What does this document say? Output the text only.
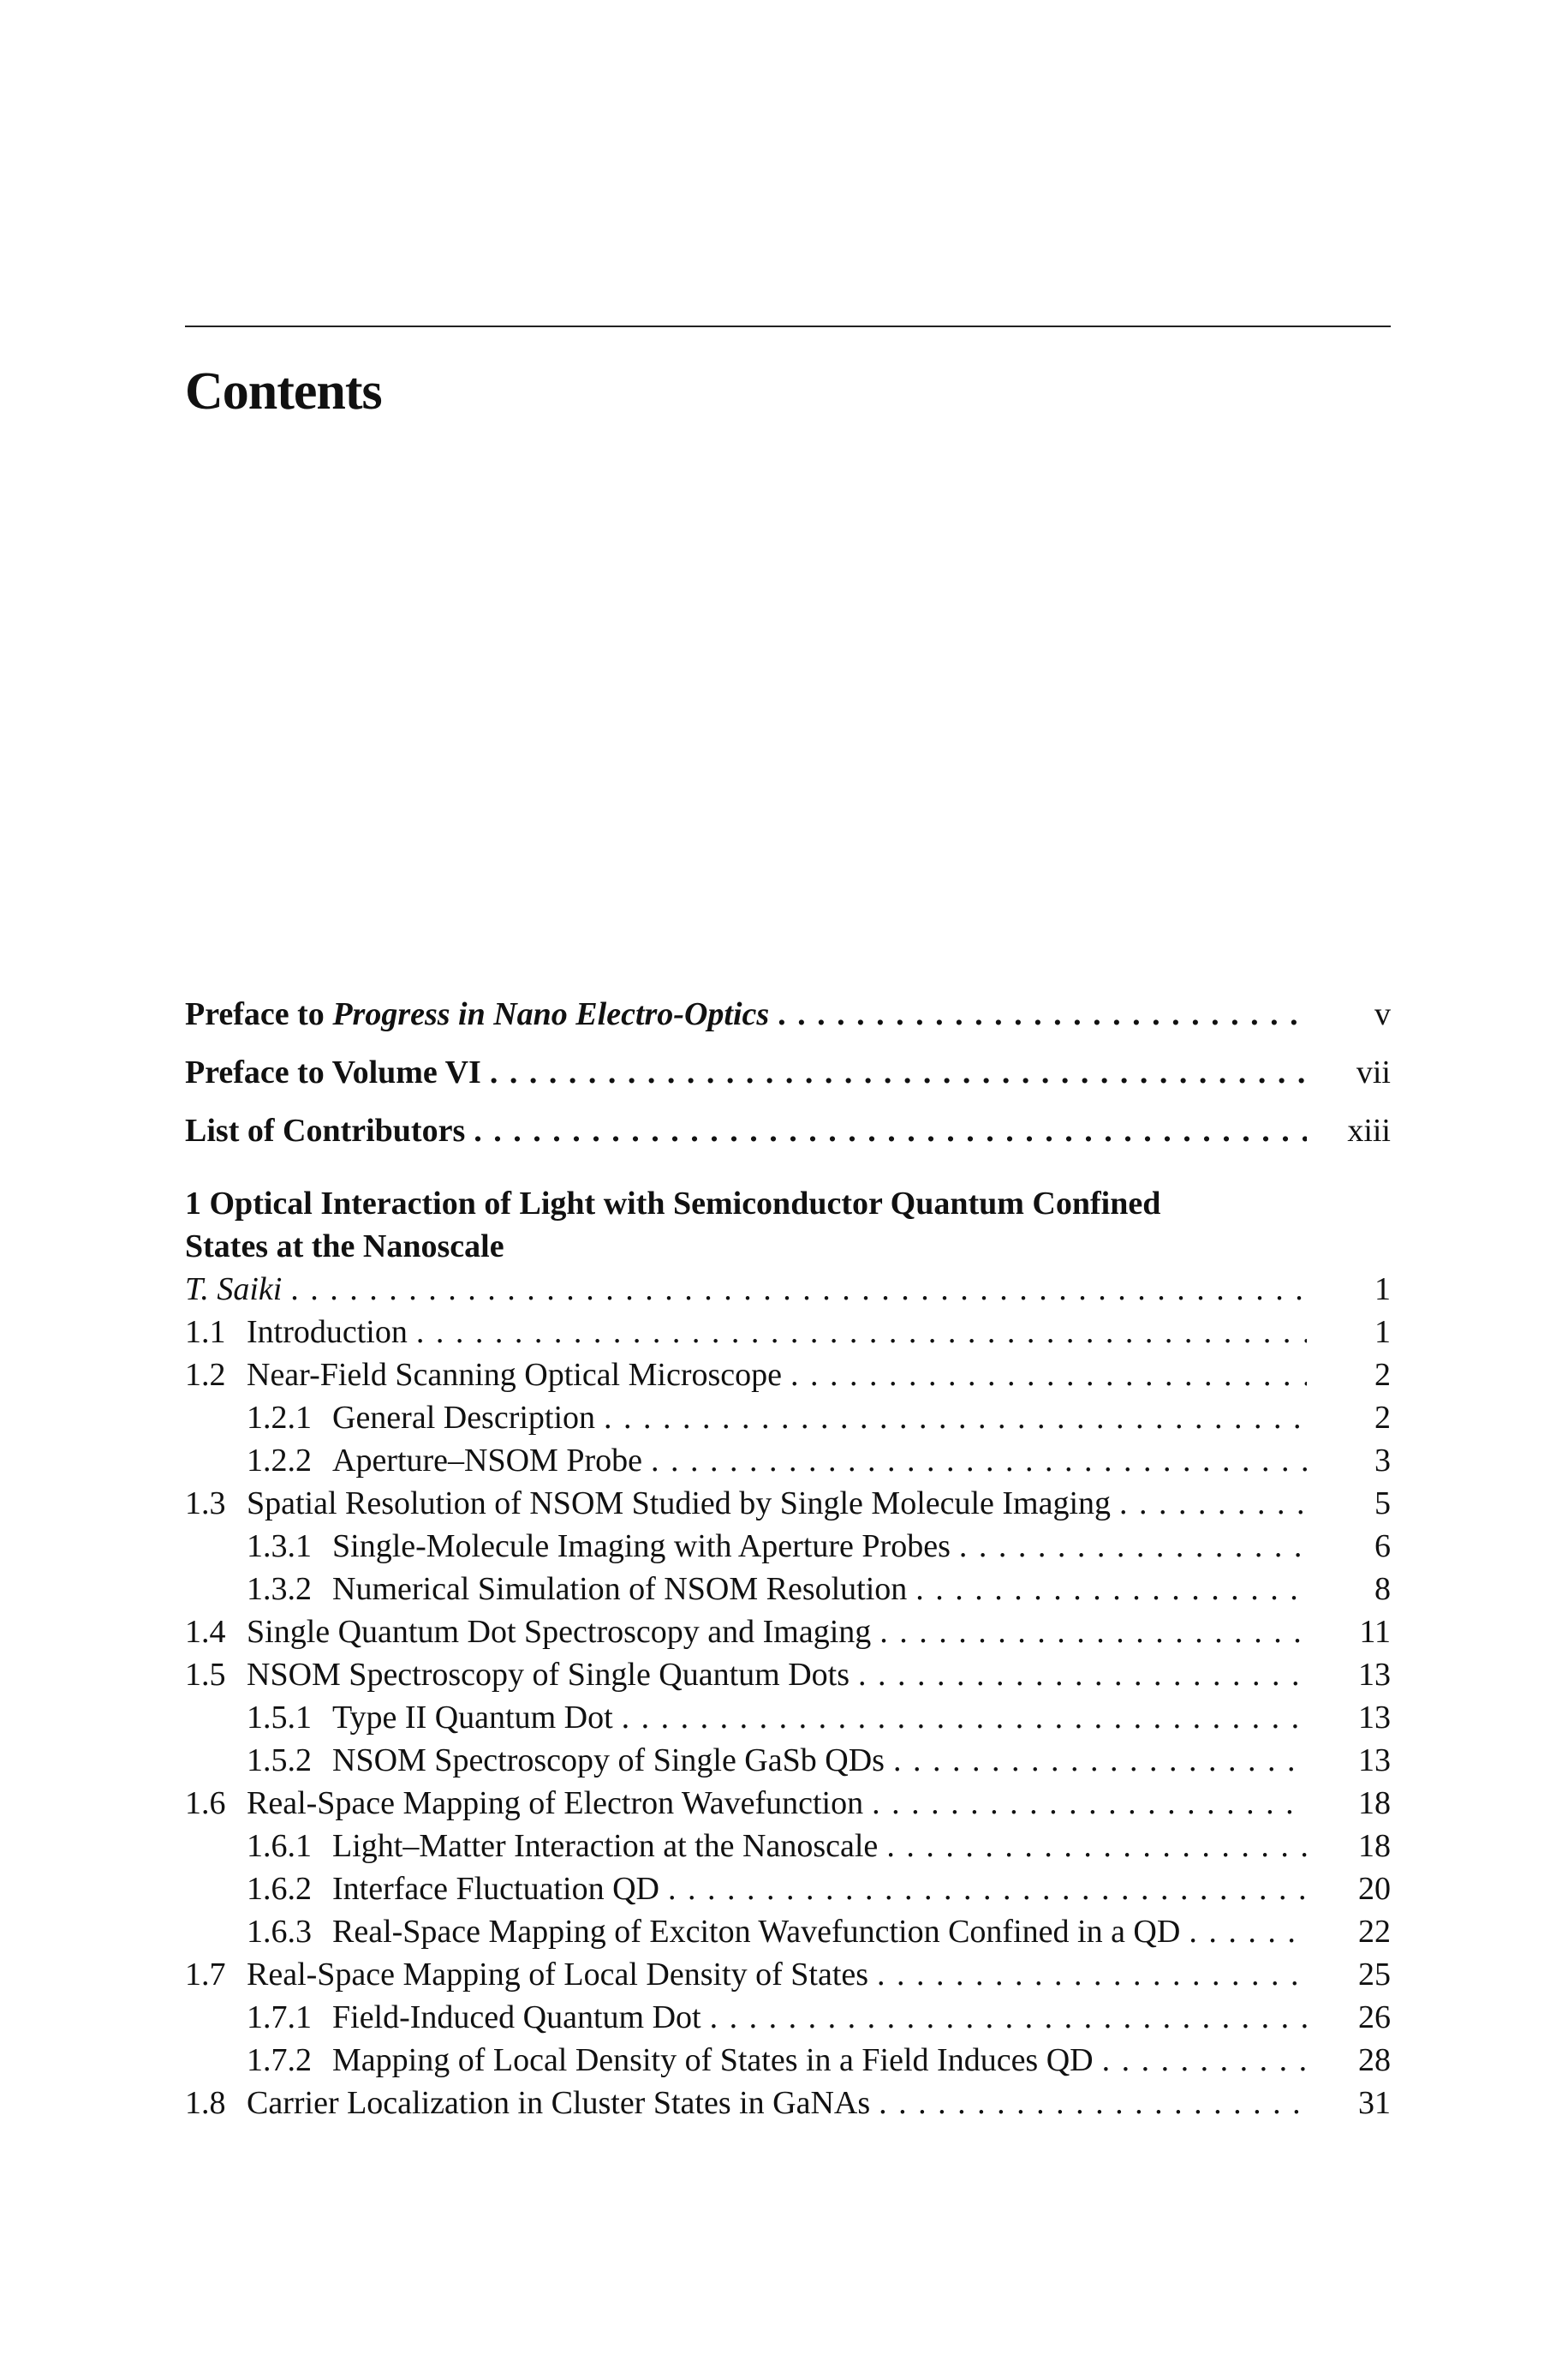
Contents
Preface to Progress in Nano Electro-Optics . . .	v
Preface to Volume VI . . .	vii
List of Contributors . . .	xiii
1 Optical Interaction of Light with Semiconductor Quantum Confined
States at the Nanoscale
T. Saiki . . .	1
1.1 Introduction . . .	1
1.2 Near-Field Scanning Optical Microscope . . .	2
1.2.1 General Description . . .	2
1.2.2 Aperture–NSOM Probe . . .	3
1.3 Spatial Resolution of NSOM Studied by Single Molecule Imaging . . .	5
1.3.1 Single-Molecule Imaging with Aperture Probes . . .	6
1.3.2 Numerical Simulation of NSOM Resolution . . .	8
1.4 Single Quantum Dot Spectroscopy and Imaging . . .	11
1.5 NSOM Spectroscopy of Single Quantum Dots . . .	13
1.5.1 Type II Quantum Dot . . .	13
1.5.2 NSOM Spectroscopy of Single GaSb QDs . . .	13
1.6 Real-Space Mapping of Electron Wavefunction . . .	18
1.6.1 Light–Matter Interaction at the Nanoscale . . .	18
1.6.2 Interface Fluctuation QD . . .	20
1.6.3 Real-Space Mapping of Exciton Wavefunction Confined in a QD . . .	22
1.7 Real-Space Mapping of Local Density of States . . .	25
1.7.1 Field-Induced Quantum Dot . . .	26
1.7.2 Mapping of Local Density of States in a Field Induces QD . . .	28
1.8 Carrier Localization in Cluster States in GaNAs . . .	31
